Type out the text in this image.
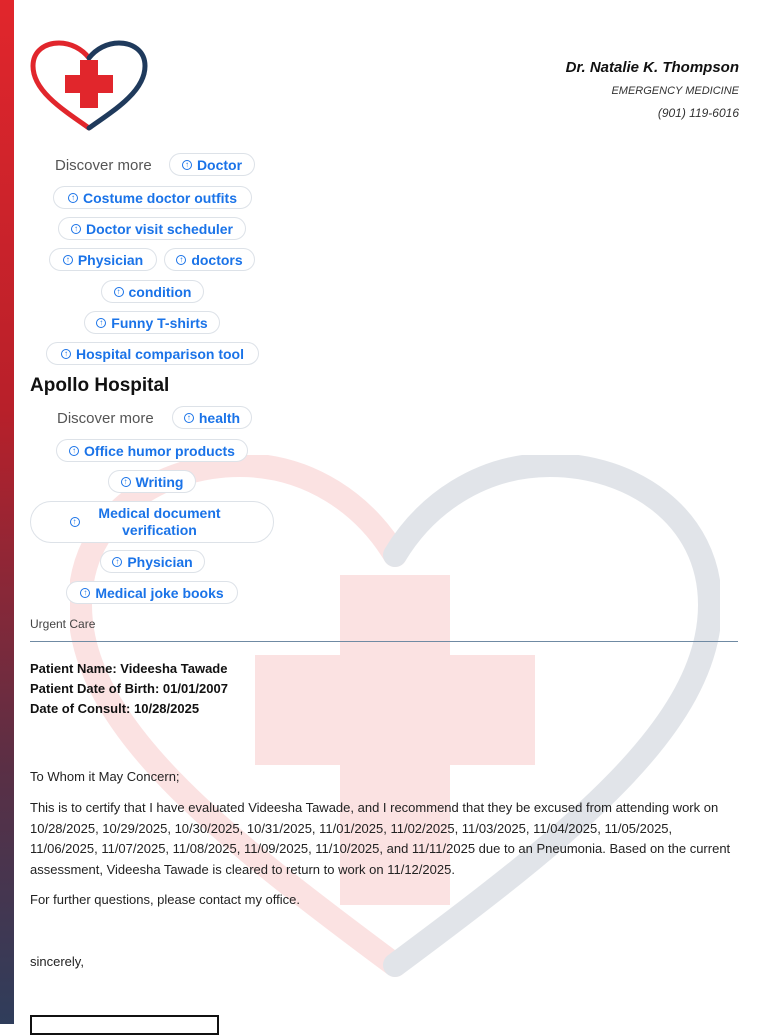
Dr. Natalie K. Thompson
EMERGENCY MEDICINE
(901) 119-6016
Discover more	↑ Doctor
↑ Costume doctor outfits
↑ Doctor visit scheduler
↑ Physician	↑ doctors
↑ condition
↑ Funny T-shirts
↑ Hospital comparison tool
Apollo Hospital
Discover more	↑ health
↑ Office humor products
↑ Writing
↑
Medical document verification
↑ Physician
↑ Medical joke books
Urgent Care
Patient Name: Videesha Tawade
Patient Date of Birth: 01/01/2007
Date of Consult: 10/28/2025
To Whom it May Concern;
This is to certify that I have evaluated Videesha Tawade, and I recommend that they be excused from attending work on 10/28/2025, 10/29/2025, 10/30/2025, 10/31/2025, 11/01/2025, 11/02/2025, 11/03/2025, 11/04/2025, 11/05/2025, 11/06/2025, 11/07/2025, 11/08/2025, 11/09/2025, 11/10/2025, and 11/11/2025 due to an Pneumonia. Based on the current assessment, Videesha Tawade is cleared to return to work on 11/12/2025.
For further questions, please contact my office.
sincerely,
